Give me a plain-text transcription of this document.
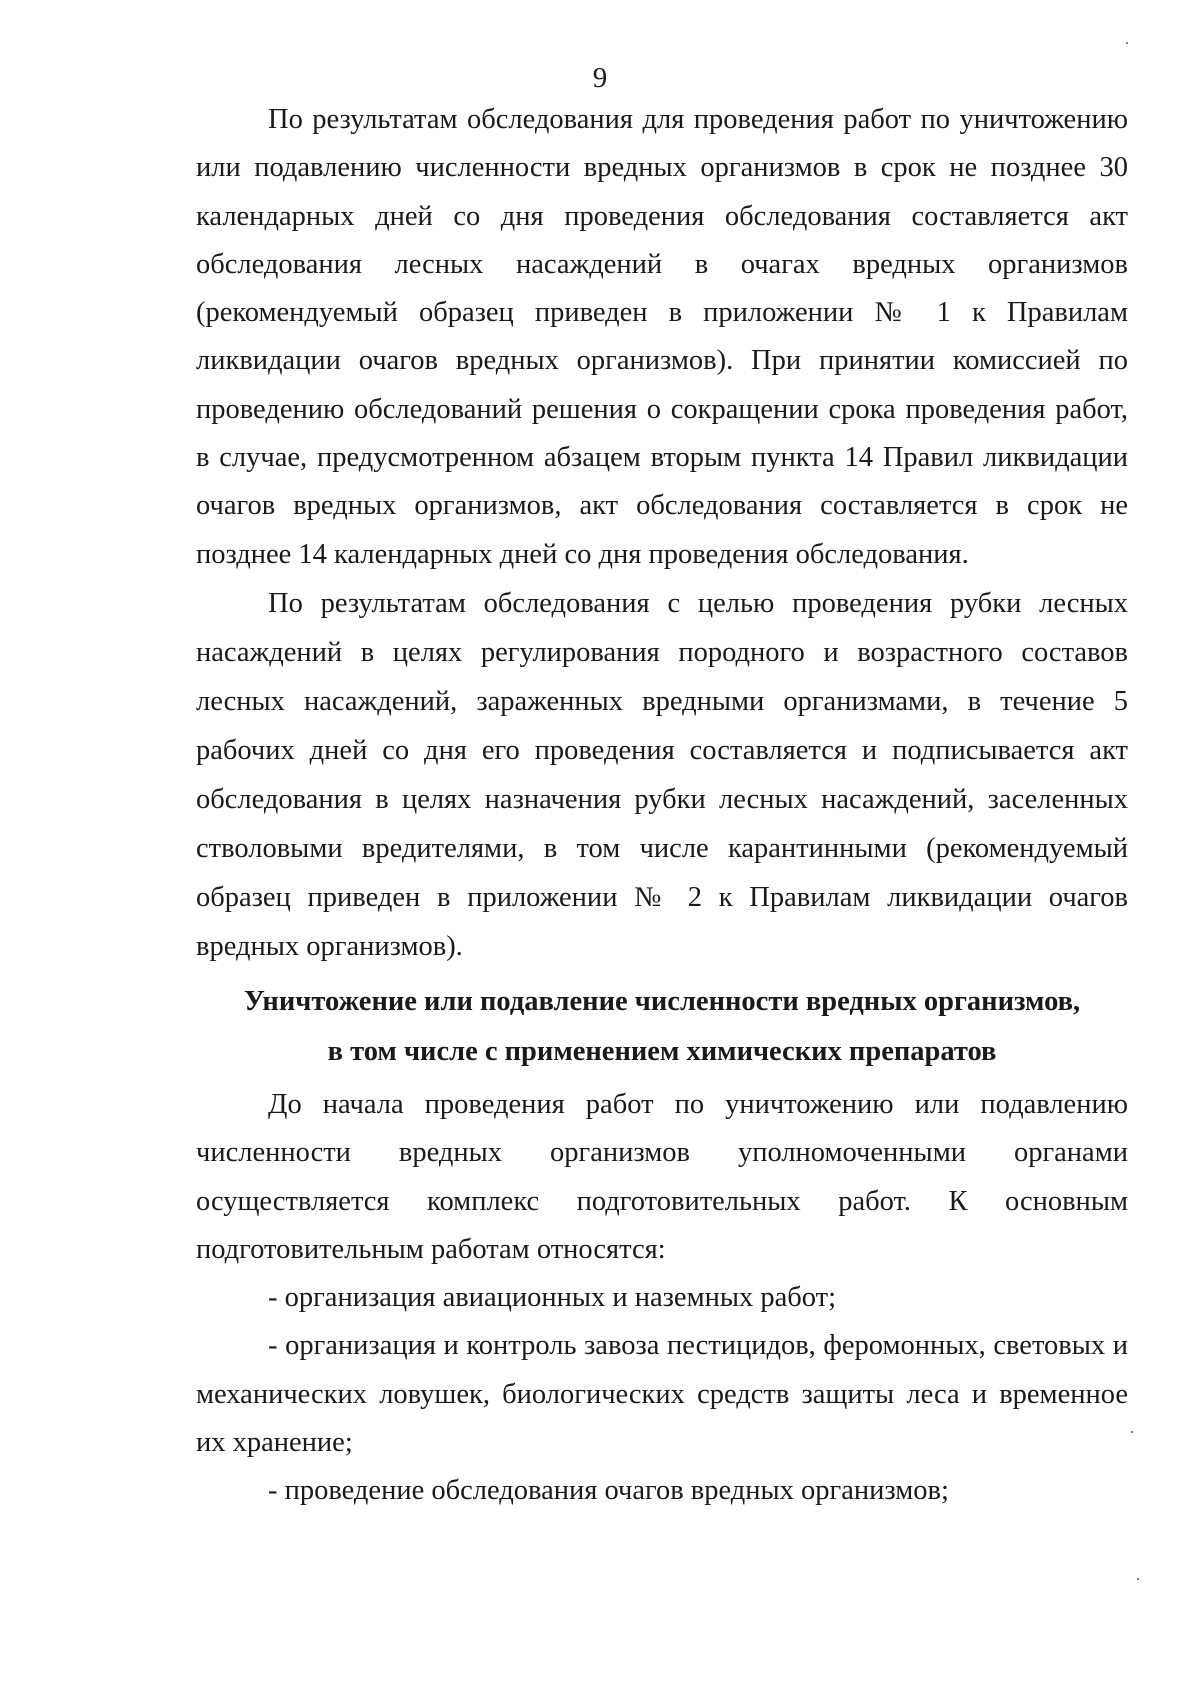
9

По результатам обследования для проведения работ по уничтожению или подавлению численности вредных организмов в срок не позднее 30 календарных дней со дня проведения обследования составляется акт обследования лесных насаждений в очагах вредных организмов (рекомендуемый образец приведен в приложении № 1 к Правилам ликвидации очагов вредных организмов). При принятии комиссией по проведению обследований решения о сокращении срока проведения работ, в случае, предусмотренном абзацем вторым пункта 14 Правил ликвидации очагов вредных организмов, акт обследования составляется в срок не позднее 14 календарных дней со дня проведения обследования.

По результатам обследования с целью проведения рубки лесных насаждений в целях регулирования породного и возрастного составов лесных насаждений, зараженных вредными организмами, в течение 5 рабочих дней со дня его проведения составляется и подписывается акт обследования в целях назначения рубки лесных насаждений, заселенных стволовыми вредителями, в том числе карантинными (рекомендуемый образец приведен в приложении № 2 к Правилам ликвидации очагов вредных организмов).

Уничтожение или подавление численности вредных организмов,

в том числе с применением химических препаратов

До начала проведения работ по уничтожению или подавлению численности вредных организмов уполномоченными органами осуществляется комплекс подготовительных работ. К основным подготовительным работам относятся:

- организация авиационных и наземных работ;

- организация и контроль завоза пестицидов, феромонных, световых и механических ловушек, биологических средств защиты леса и временное их хранение;

- проведение обследования очагов вредных организмов;
